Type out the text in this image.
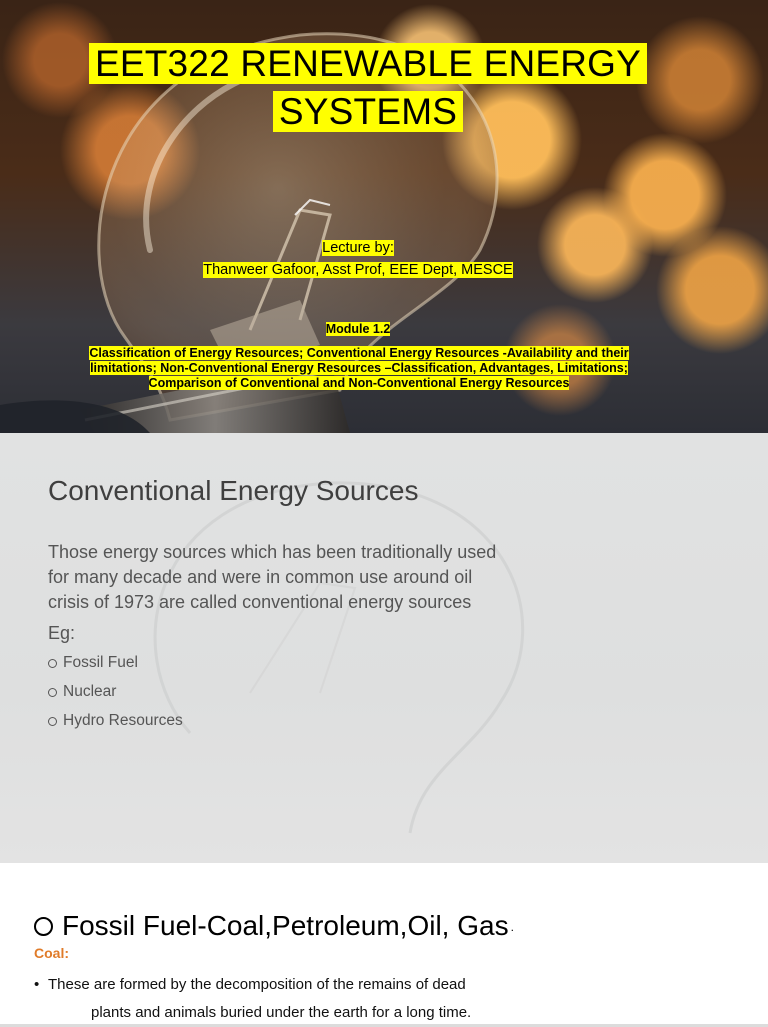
EET322 RENEWABLE ENERGY
SYSTEMS

Lecture by:
Thanweer Gafoor, Asst Prof, EEE Dept, MESCE

Module 1.2

Classification of Energy Resources; Conventional Energy Resources -Availability and their
limitations; Non-Conventional Energy Resources –Classification, Advantages, Limitations;
Comparison of Conventional and Non-Conventional Energy Resources

Conventional Energy Sources

Those energy sources which has been traditionally used
for many decade and were in common use around oil
crisis of 1973 are called conventional energy sources

Eg:

Fossil Fuel
Nuclear
Hydro Resources
Fossil Fuel-Coal,Petroleum,Oil, Gas .

Coal:

• These are formed by the decomposition of the remains of dead

plants and animals buried under the earth for a long time.
